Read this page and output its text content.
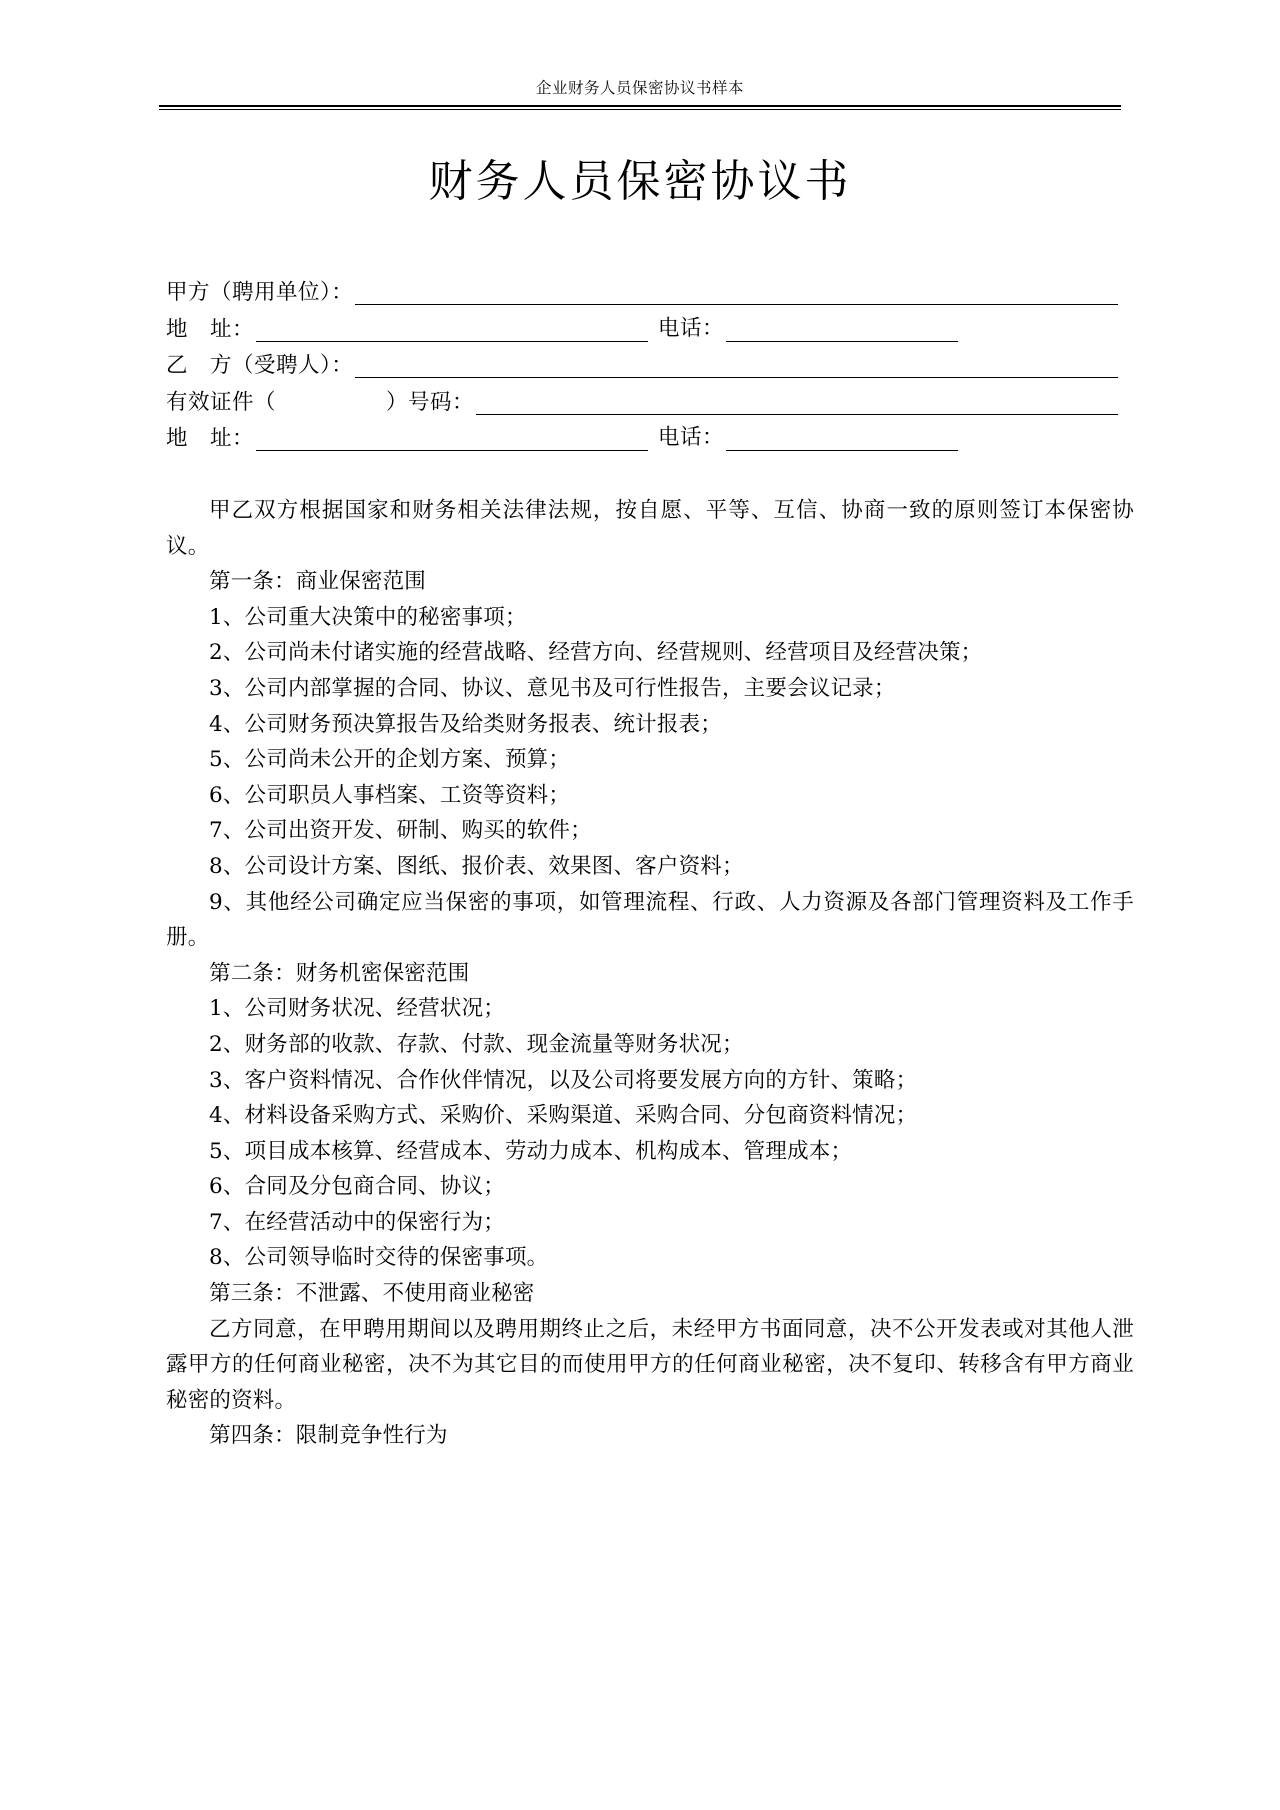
企业财务人员保密协议书样本
财务人员保密协议书
甲方（聘用单位）：
地　址：	电话：
乙　方（受聘人）：
有效证件（　　　　　）号码：
地　址：	电话：

甲乙双方根据国家和财务相关法律法规，按自愿、平等、互信、协商一致的原则签订本保密协议。

第一条：商业保密范围

1、公司重大决策中的秘密事项；

2、公司尚未付诸实施的经营战略、经营方向、经营规则、经营项目及经营决策；

3、公司内部掌握的合同、协议、意见书及可行性报告，主要会议记录；

4、公司财务预决算报告及给类财务报表、统计报表；

5、公司尚未公开的企划方案、预算；

6、公司职员人事档案、工资等资料；

7、公司出资开发、研制、购买的软件；

8、公司设计方案、图纸、报价表、效果图、客户资料；

9、其他经公司确定应当保密的事项，如管理流程、行政、人力资源及各部门管理资料及工作手册。

第二条：财务机密保密范围

1、公司财务状况、经营状况；

2、财务部的收款、存款、付款、现金流量等财务状况；

3、客户资料情况、合作伙伴情况，以及公司将要发展方向的方针、策略；

4、材料设备采购方式、采购价、采购渠道、采购合同、分包商资料情况；

5、项目成本核算、经营成本、劳动力成本、机构成本、管理成本；

6、合同及分包商合同、协议；

7、在经营活动中的保密行为；

8、公司领导临时交待的保密事项。

第三条：不泄露、不使用商业秘密

乙方同意，在甲聘用期间以及聘用期终止之后，未经甲方书面同意，决不公开发表或对其他人泄露甲方的任何商业秘密，决不为其它目的而使用甲方的任何商业秘密，决不复印、转移含有甲方商业秘密的资料。

第四条：限制竞争性行为
